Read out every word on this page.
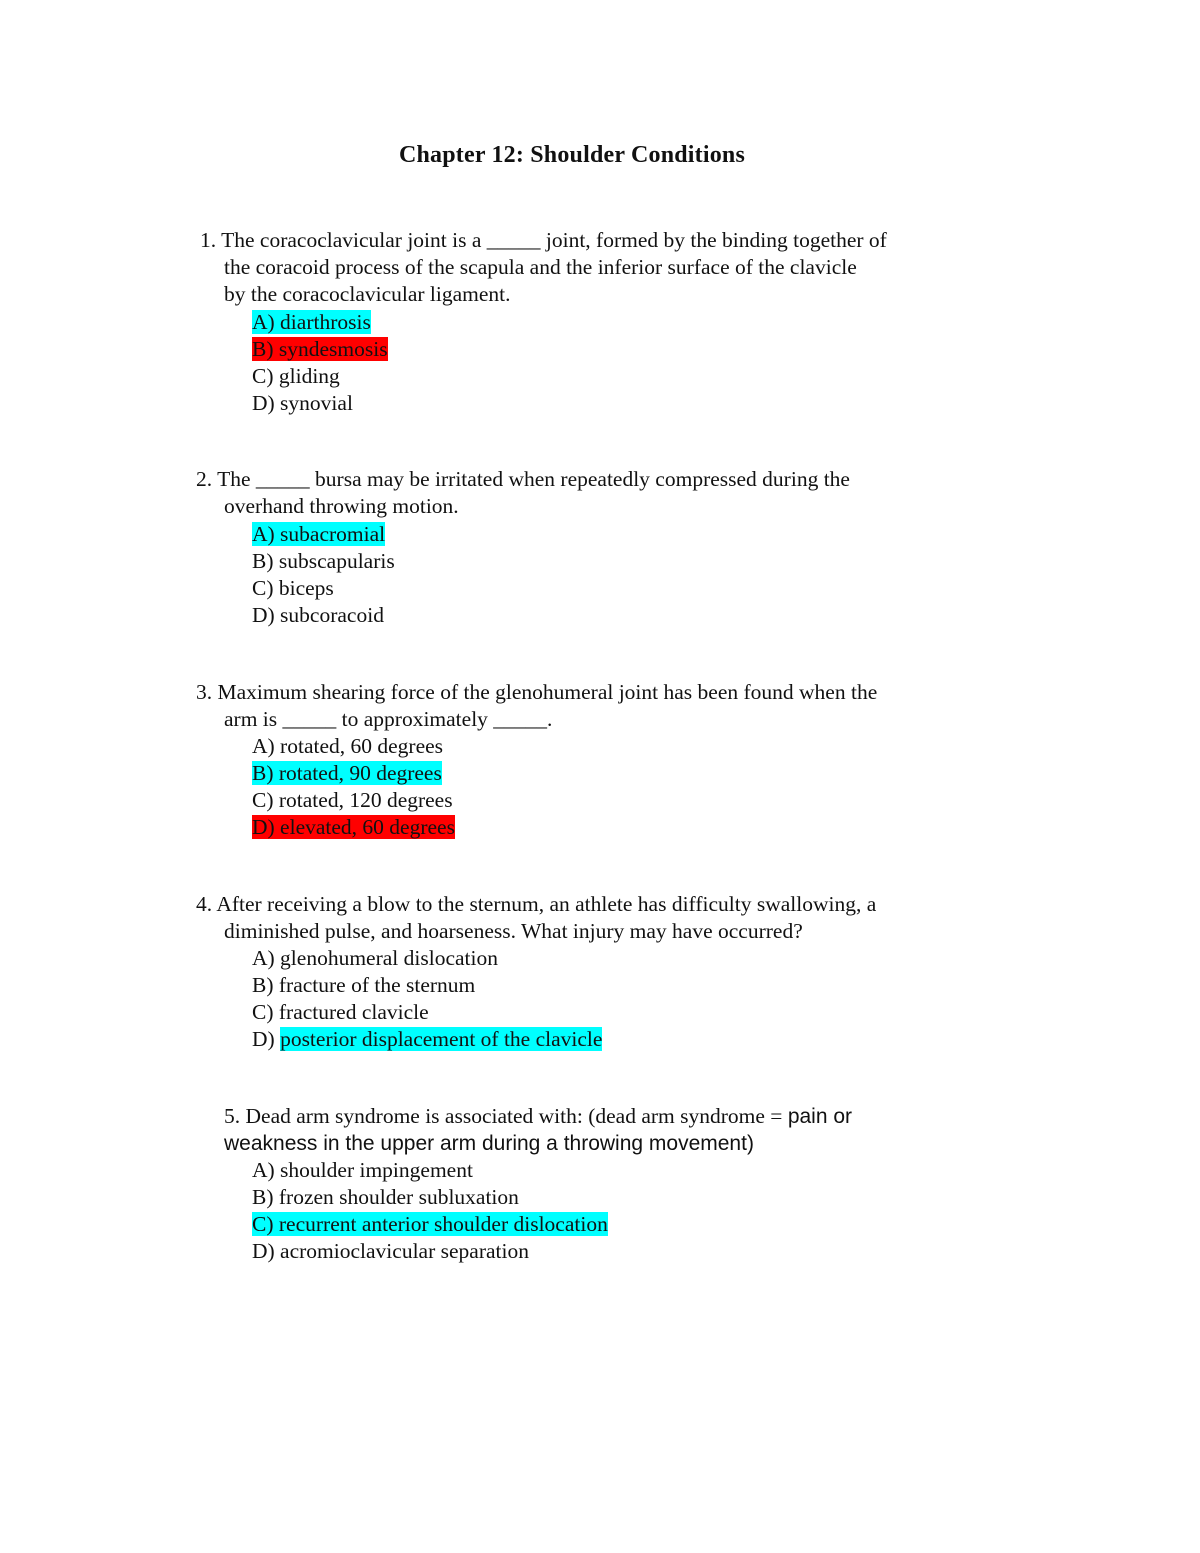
Chapter 12: Shoulder Conditions
1. The coracoclavicular joint is a _____ joint, formed by the binding together of
the coracoid process of the scapula and the inferior surface of the clavicle
by the coracoclavicular ligament.
A) diarthrosis
B) syndesmosis
C) gliding
D) synovial
2. The _____ bursa may be irritated when repeatedly compressed during the
overhand throwing motion.
A) subacromial
B) subscapularis
C) biceps
D) subcoracoid
3. Maximum shearing force of the glenohumeral joint has been found when the
arm is _____ to approximately _____.
A) rotated, 60 degrees
B) rotated, 90 degrees
C) rotated, 120 degrees
D) elevated, 60 degrees
4. After receiving a blow to the sternum, an athlete has difficulty swallowing, a
diminished pulse, and hoarseness. What injury may have occurred?
A) glenohumeral dislocation
B) fracture of the sternum
C) fractured clavicle
D) posterior displacement of the clavicle
5. Dead arm syndrome is associated with: (dead arm syndrome = pain or
weakness in the upper arm during a throwing movement)
A) shoulder impingement
B) frozen shoulder subluxation
C) recurrent anterior shoulder dislocation
D) acromioclavicular separation
